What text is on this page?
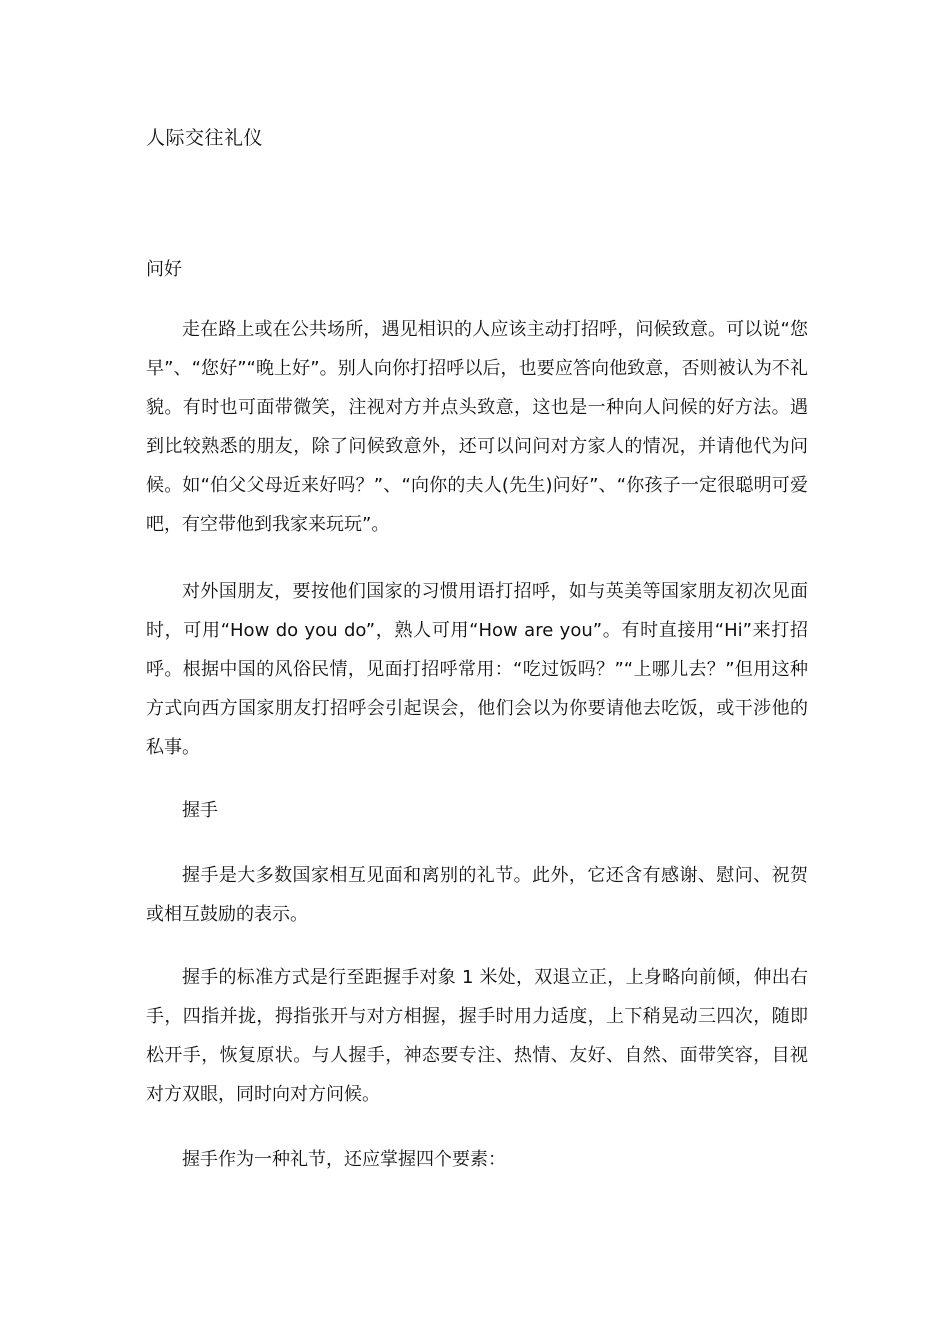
人际交往礼仪
问好

走在路上或在公共场所，遇见相识的人应该主动打招呼，问候致意。可以说“您早”、“您好”“晚上好”。别人向你打招呼以后，也要应答向他致意，否则被认为不礼貌。有时也可面带微笑，注视对方并点头致意，这也是一种向人问候的好方法。遇到比较熟悉的朋友，除了问候致意外，还可以问问对方家人的情况，并请他代为问候。如“伯父父母近来好吗？”、“向你的夫人(先生)问好”、“你孩子一定很聪明可爱吧，有空带他到我家来玩玩”。

对外国朋友，要按他们国家的习惯用语打招呼，如与英美等国家朋友初次见面时，可用“How do you do”，熟人可用“How are you”。有时直接用“Hi”来打招呼。根据中国的风俗民情，见面打招呼常用：“吃过饭吗？”“上哪儿去？”但用这种方式向西方国家朋友打招呼会引起误会，他们会以为你要请他去吃饭，或干涉他的私事。

握手

握手是大多数国家相互见面和离别的礼节。此外，它还含有感谢、慰问、祝贺或相互鼓励的表示。

握手的标准方式是行至距握手对象 1 米处，双退立正，上身略向前倾，伸出右手，四指并拢，拇指张开与对方相握，握手时用力适度，上下稍晃动三四次，随即松开手，恢复原状。与人握手，神态要专注、热情、友好、自然、面带笑容，目视对方双眼，同时向对方问候。

握手作为一种礼节，还应掌握四个要素：
